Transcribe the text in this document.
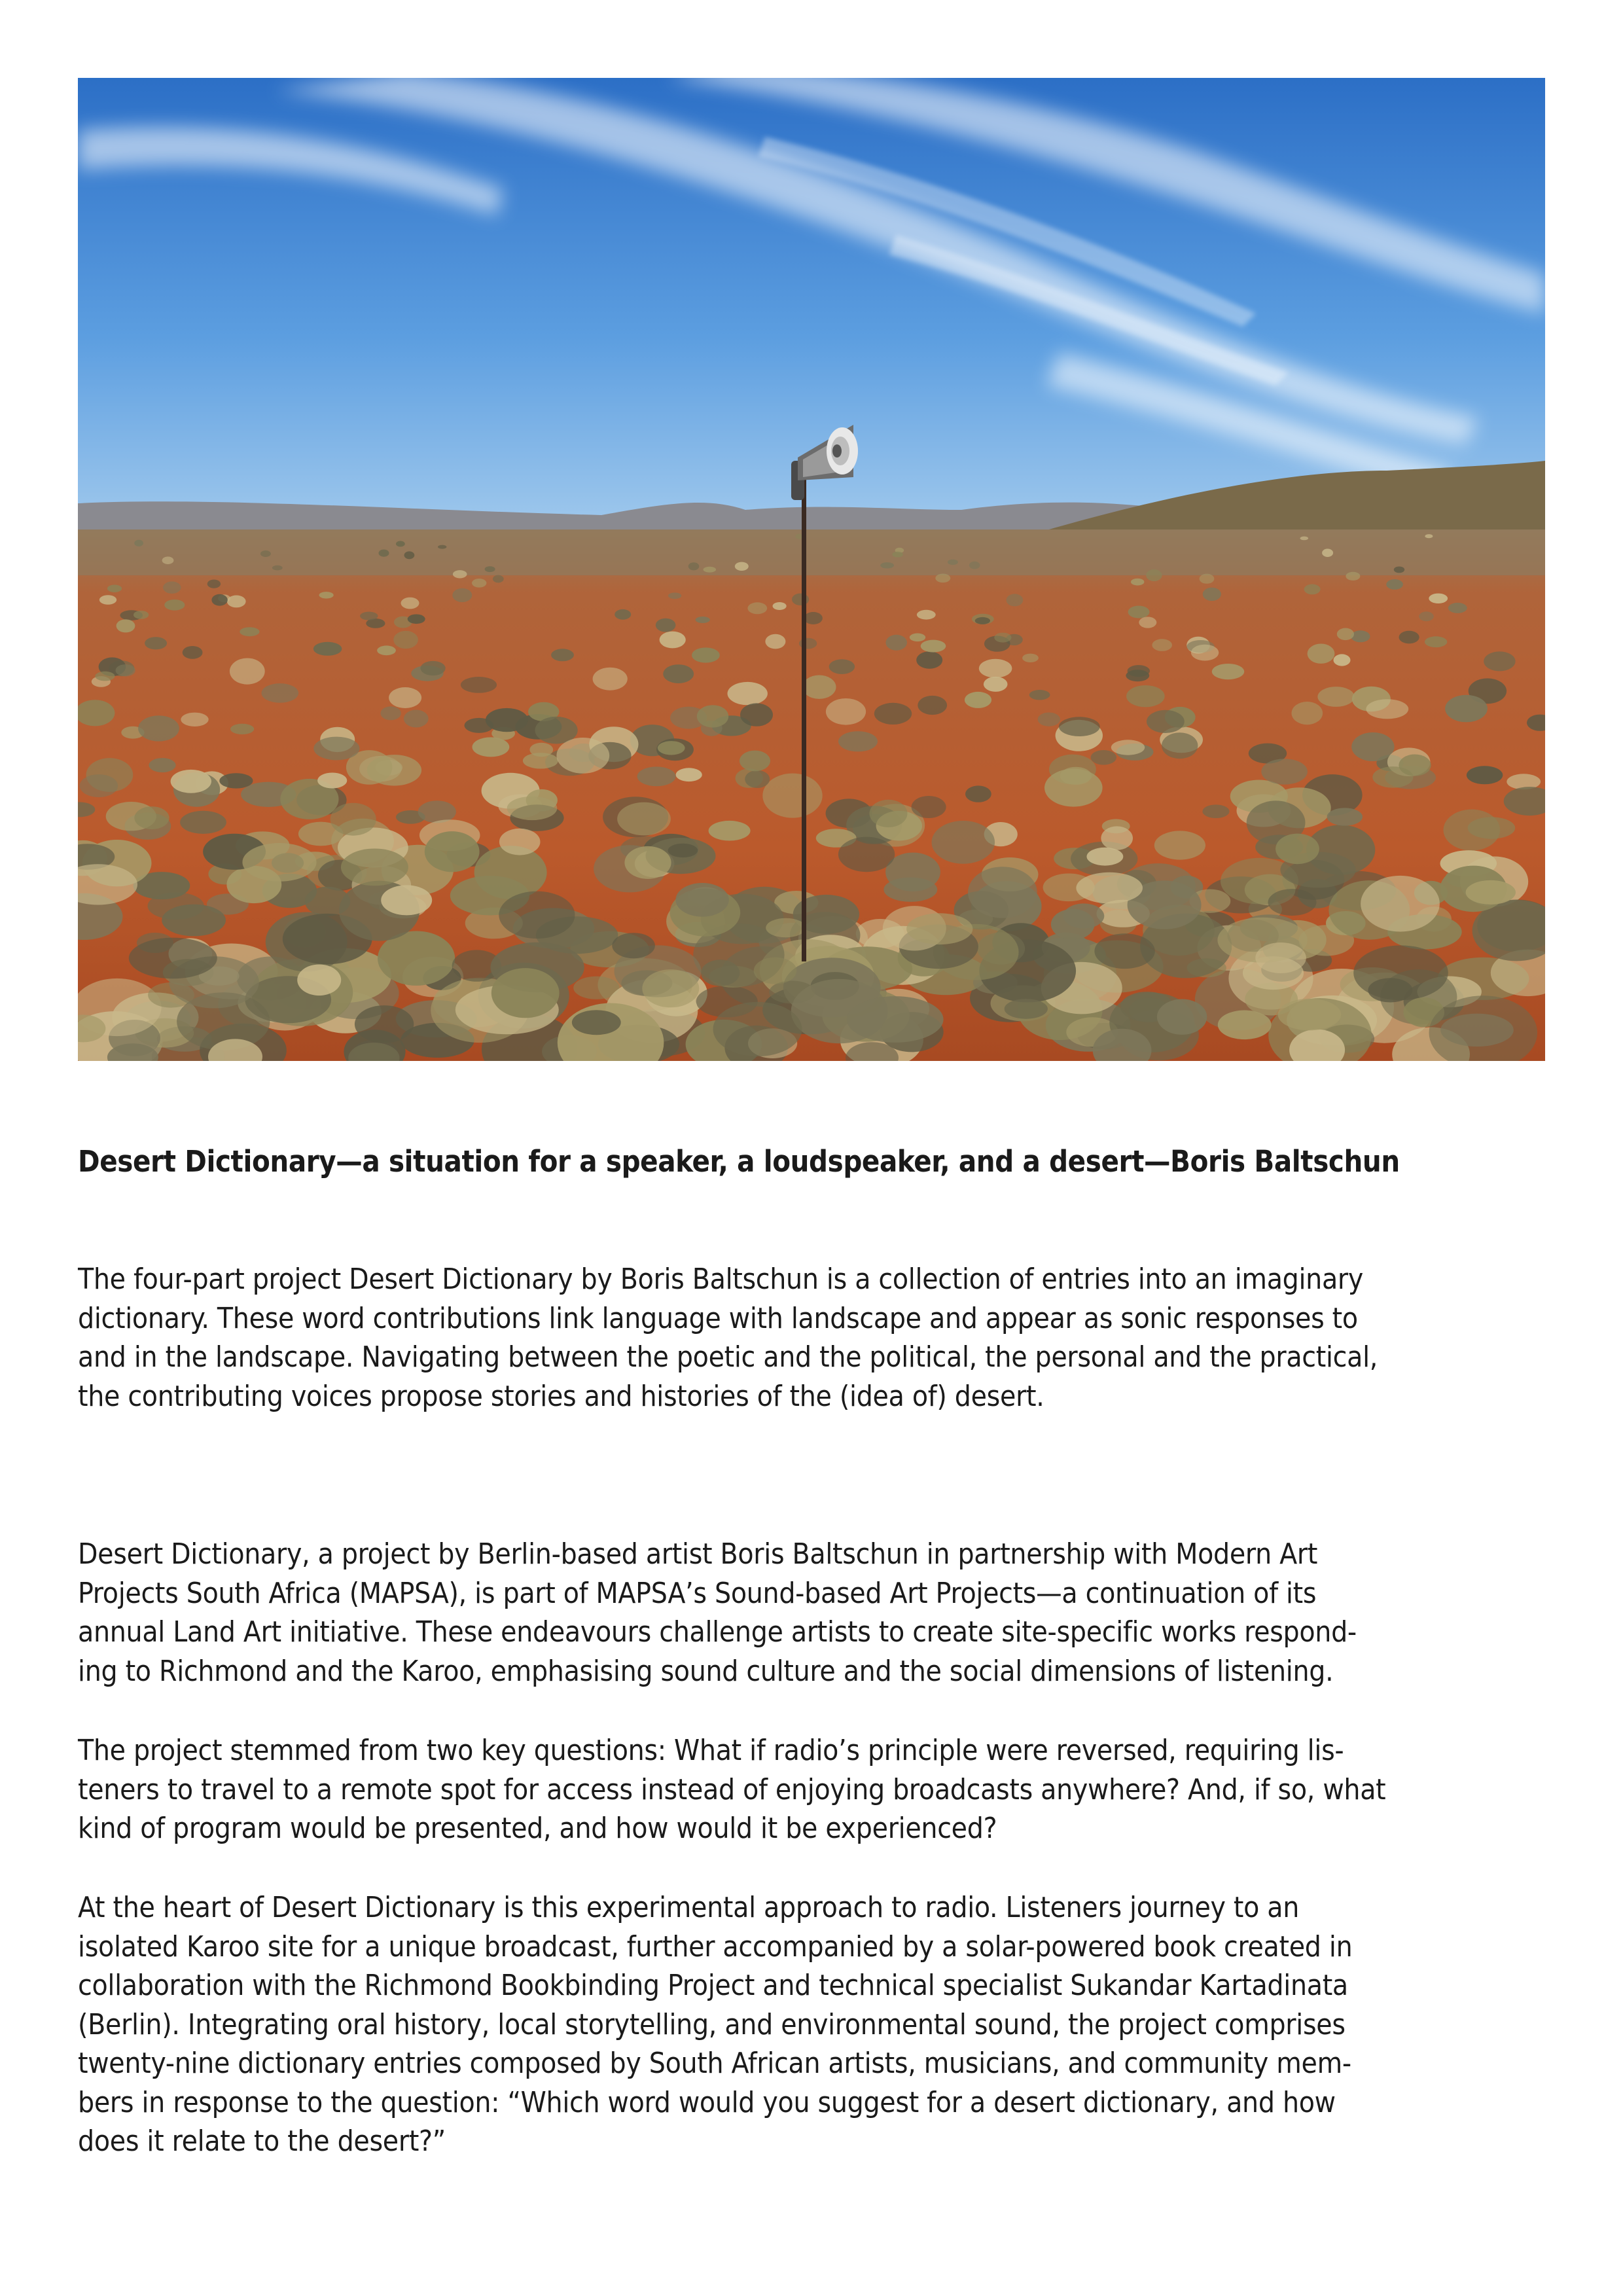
Desert Dictionary—a situation for a speaker, a loudspeaker, and a desert—Boris Baltschun

The four-part project Desert Dictionary by Boris Baltschun is a collection of entries into an imaginary
dictionary. These word contributions link language with landscape and appear as sonic responses to
and in the landscape. Navigating between the poetic and the political, the personal and the practical,
the contributing voices propose stories and histories of the (idea of) desert.

Desert Dictionary, a project by Berlin-based artist Boris Baltschun in partnership with Modern Art
Projects South Africa (MAPSA), is part of MAPSA’s Sound-based Art Projects—a continuation of its
annual Land Art initiative. These endeavours challenge artists to create site-specific works respond-
ing to Richmond and the Karoo, emphasising sound culture and the social dimensions of listening.

The project stemmed from two key questions: What if radio’s principle were reversed, requiring lis-
teners to travel to a remote spot for access instead of enjoying broadcasts anywhere? And, if so, what
kind of program would be presented, and how would it be experienced?

At the heart of Desert Dictionary is this experimental approach to radio. Listeners journey to an
isolated Karoo site for a unique broadcast, further accompanied by a solar-powered book created in
collaboration with the Richmond Bookbinding Project and technical specialist Sukandar Kartadinata
(Berlin). Integrating oral history, local storytelling, and environmental sound, the project comprises
twenty-nine dictionary entries composed by South African artists, musicians, and community mem-
bers in response to the question: “Which word would you suggest for a desert dictionary, and how
does it relate to the desert?”
